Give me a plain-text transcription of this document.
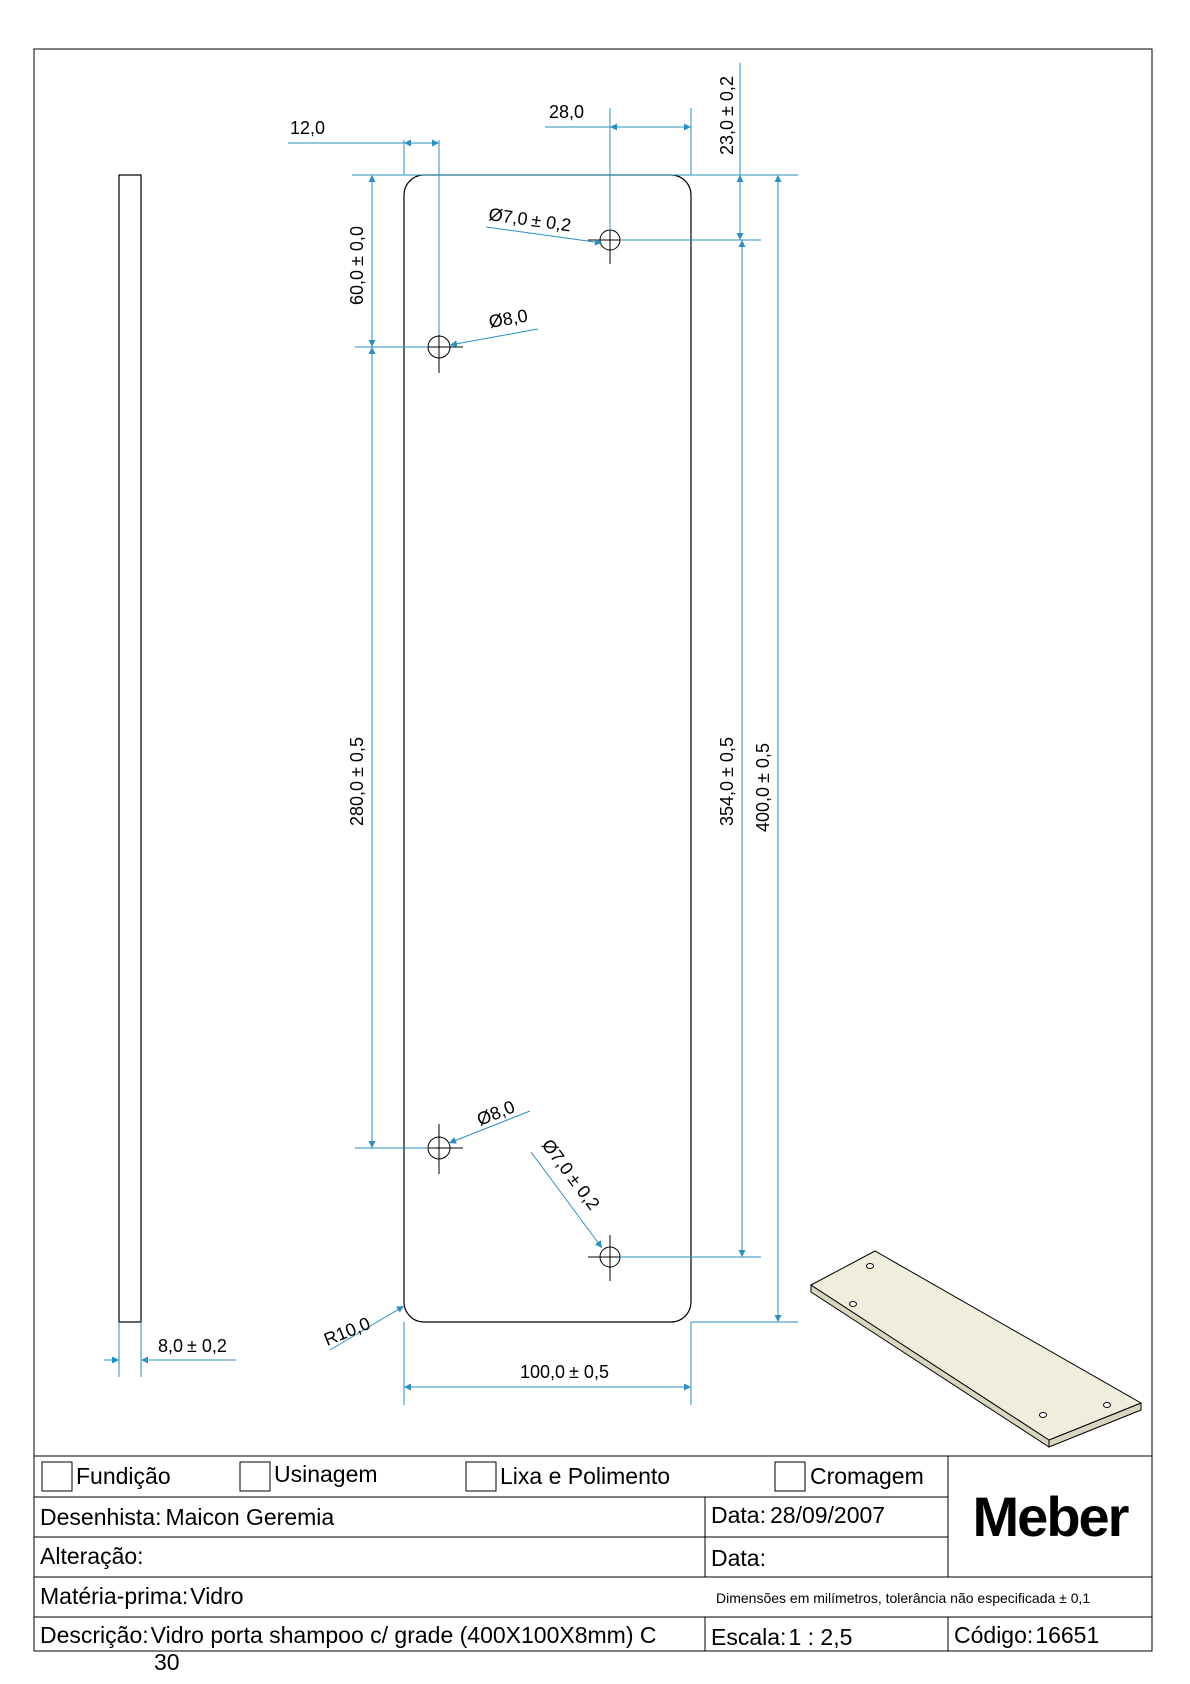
12,0
28,0
23,0± 0,2
60,0± 0,0
280,0± 0,5
354,0± 0,5
400,0± 0,5
100,0 ± 0,5
8,0 ± 0,2	R10,0
Ø7,0± 0,2
Ø8,0
Ø8,0
Ø7,0± 0,2
Fundição	Usinagem	Lixa e Polimento	Cromagem
Meber
Desenhista: Maicon Geremia	Data: 28/09/2007
Alteração:	Data:
Matéria-prima:Vidro	Dimensões em milímetros, tolerância não especificada ± 0,1
Descrição:Vidro porta shampoo c/ grade (400X100X8mm) C
30
Escala:1 : 2,5	Código:16651
